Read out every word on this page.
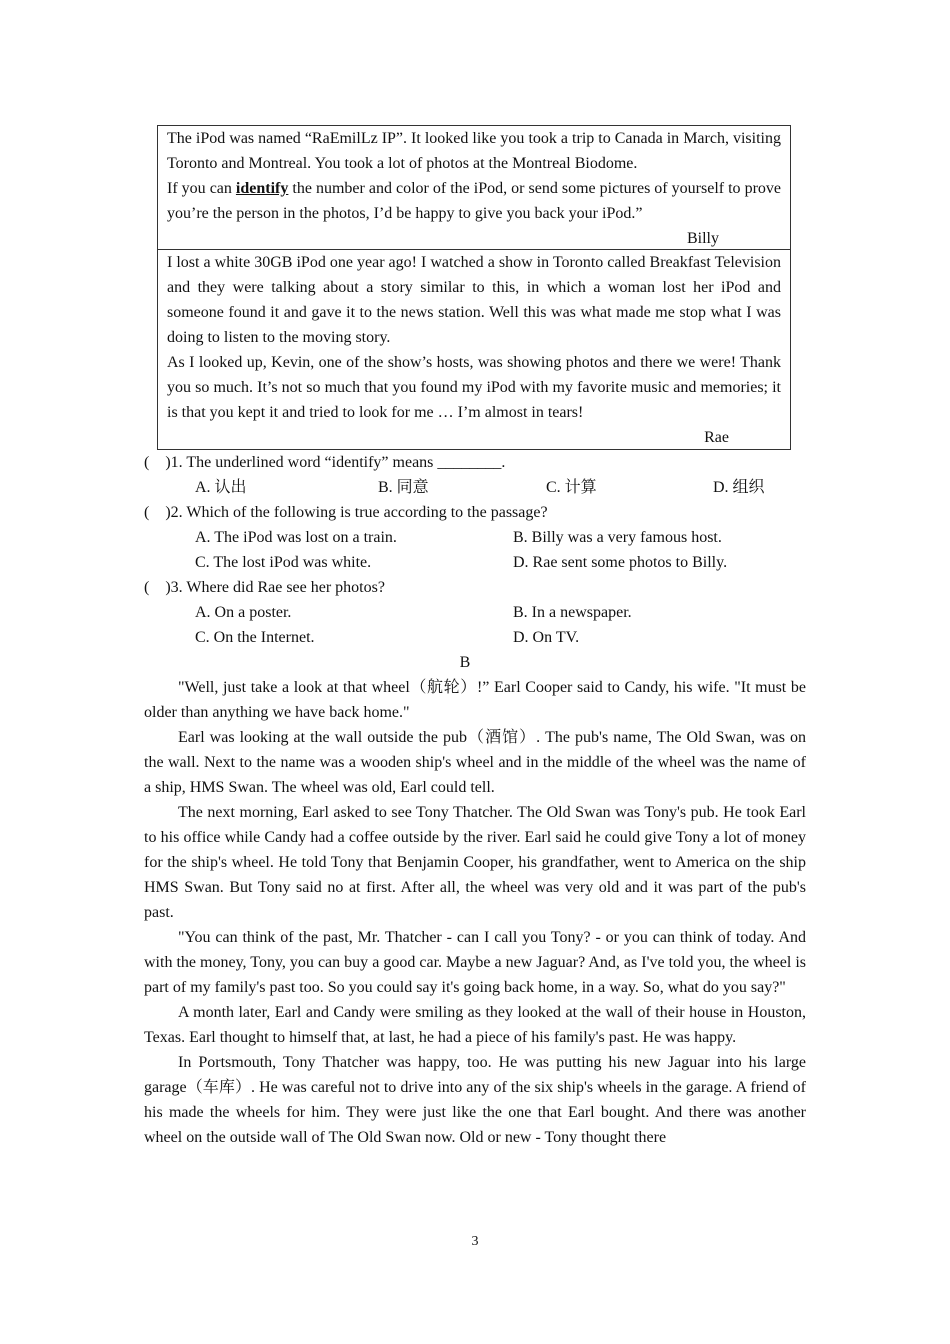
The iPod was named “RaEmilLz IP”. It looked like you took a trip to Canada in March, visiting Toronto and Montreal. You took a lot of photos at the Montreal Biodome.

If you can identify the number and color of the iPod, or send some pictures of yourself to prove you’re the person in the photos, I’d be happy to give you back your iPod.”

Billy

I lost a white 30GB iPod one year ago! I watched a show in Toronto called Breakfast Television and they were talking about a story similar to this, in which a woman lost her iPod and someone found it and gave it to the news station. Well this was what made me stop what I was doing to listen to the moving story.

As I looked up, Kevin, one of the show’s hosts, was showing photos and there we were! Thank you so much. It’s not so much that you found my iPod with my favorite music and memories; it is that you kept it and tried to look for me … I’m almost in tears!

Rae

(    )1. The underlined word “identify” means ________.
A. 认出	B. 同意	C. 计算	D. 组织
(    )2. Which of the following is true according to the passage?
A. The iPod was lost on a train.	B. Billy was a very famous host.
C. The lost iPod was white.	D. Rae sent some photos to Billy.
(    )3. Where did Rae see her photos?
A. On a poster.	B. In a newspaper.
C. On the Internet.	D. On TV.
B

"Well, just take a look at that wheel（航轮）!” Earl Cooper said to Candy, his wife. "It must be older than anything we have back home."

Earl was looking at the wall outside the pub（酒馆）. The pub's name, The Old Swan, was on the wall. Next to the name was a wooden ship's wheel and in the middle of the wheel was the name of a ship, HMS Swan. The wheel was old, Earl could tell.

The next morning, Earl asked to see Tony Thatcher. The Old Swan was Tony's pub. He took Earl to his office while Candy had a coffee outside by the river. Earl said he could give Tony a lot of money for the ship's wheel. He told Tony that Benjamin Cooper, his grandfather, went to America on the ship HMS Swan. But Tony said no at first. After all, the wheel was very old and it was part of the pub's past.

"You can think of the past, Mr. Thatcher - can I call you Tony? - or you can think of today. And with the money, Tony, you can buy a good car. Maybe a new Jaguar? And, as I've told you, the wheel is part of my family's past too. So you could say it's going back home, in a way. So, what do you say?"

A month later, Earl and Candy were smiling as they looked at the wall of their house in Houston, Texas. Earl thought to himself that, at last, he had a piece of his family's past. He was happy.

In Portsmouth, Tony Thatcher was happy, too. He was putting his new Jaguar into his large garage（车库）. He was careful not to drive into any of the six ship's wheels in the garage. A friend of his made the wheels for him. They were just like the one that Earl bought. And there was another wheel on the outside wall of The Old Swan now. Old or new - Tony thought there

3
